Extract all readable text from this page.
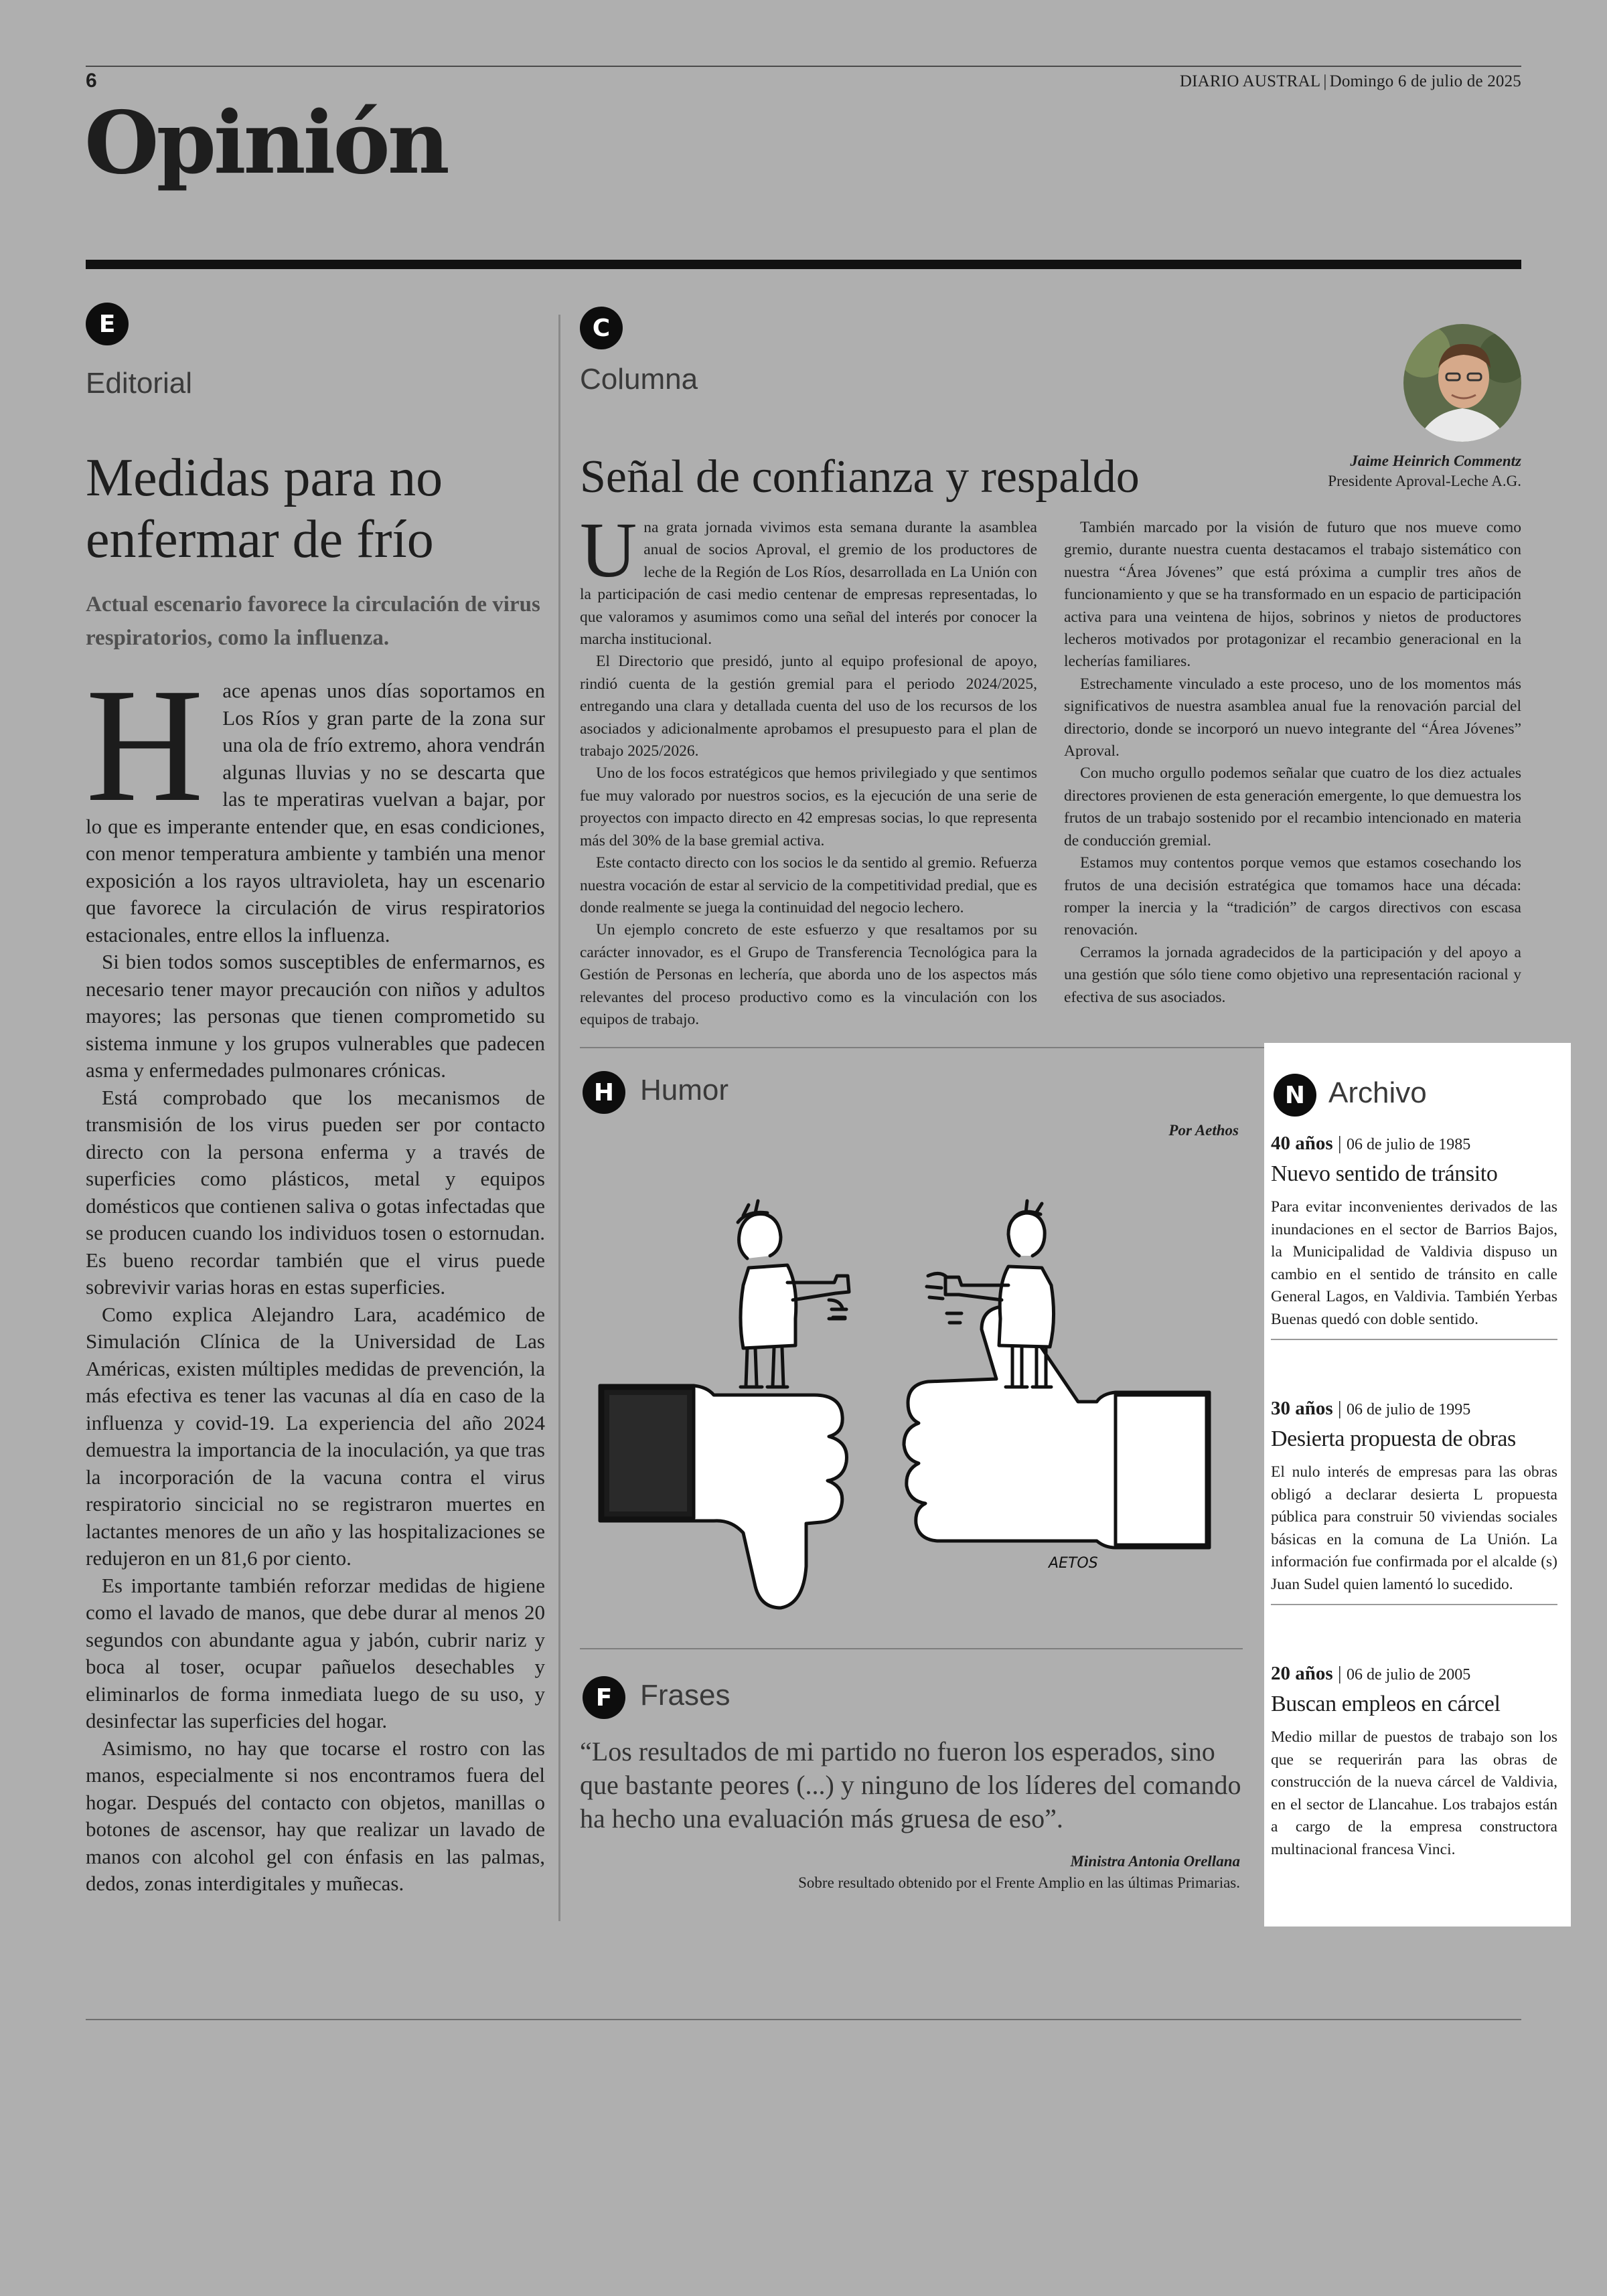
6	DIARIO AUSTRAL | Domingo 6 de julio de 2025
Opinión
E
Editorial
Medidas para no
enfermar de frío
Actual escenario favorece la circulación de virus respiratorios, como la influenza.
H ace apenas unos días soportamos en Los Ríos y gran parte de la zona sur una ola de frío extremo, ahora vendrán algunas lluvias y no se descarta que las te mperatiras vuelvan a bajar, por lo que es imperante entender que, en esas condiciones, con menor temperatura ambiente y también una menor exposición a los rayos ultravioleta, hay un escenario que favorece la circulación de virus respiratorios estacionales, entre ellos la influenza.

Si bien todos somos susceptibles de enfermarnos, es necesario tener mayor precaución con niños y adultos mayores; las personas que tienen comprometido su sistema inmune y los grupos vulnerables que padecen asma y enfermedades pulmonares crónicas.

Está comprobado que los mecanismos de transmisión de los virus pueden ser por contacto directo con la persona enferma y a través de superficies como plásticos, metal y equipos domésticos que contienen saliva o gotas infectadas que se producen cuando los individuos tosen o estornudan. Es bueno recordar también que el virus puede sobrevivir varias horas en estas superficies.

Como explica Alejandro Lara, académico de Simulación Clínica de la Universidad de Las Américas, existen múltiples medidas de prevención, la más efectiva es tener las vacunas al día en caso de la influenza y covid-19. La experiencia del año 2024 demuestra la importancia de la inoculación, ya que tras la incorporación de la vacuna contra el virus respiratorio sincicial no se registraron muertes en lactantes menores de un año y las hospitalizaciones se redujeron en un 81,6 por ciento.

Es importante también reforzar medidas de higiene como el lavado de manos, que debe durar al menos 20 segundos con abundante agua y jabón, cubrir nariz y boca al toser, ocupar pañuelos desechables y eliminarlos de forma inmediata luego de su uso, y desinfectar las superficies del hogar.

Asimismo, no hay que tocarse el rostro con las manos, especialmente si nos encontramos fuera del hogar. Después del contacto con objetos, manillas o botones de ascensor, hay que realizar un lavado de manos con alcohol gel con énfasis en las palmas, dedos, zonas interdigitales y muñecas.

C
Columna
Señal de confianza y respaldo	Jaime Heinrich Commentz
Presidente Aproval-Leche A.G.
U na grata jornada vivimos esta semana durante la asamblea anual de socios Aproval, el gremio de los productores de leche de la Región de Los Ríos, desarrollada en La Unión con la participación de casi medio centenar de empresas representadas, lo que valoramos y asumimos como una señal del interés por conocer la marcha institucional.

El Directorio que presidó, junto al equipo profesional de apoyo, rindió cuenta de la gestión gremial para el periodo 2024/2025, entregando una clara y detallada cuenta del uso de los recursos de los asociados y adicionalmente aprobamos el presupuesto para el plan de trabajo 2025/2026.

Uno de los focos estratégicos que hemos privilegiado y que sentimos fue muy valorado por nuestros socios, es la ejecución de una serie de proyectos con impacto directo en 42 empresas socias, lo que representa más del 30% de la base gremial activa.

Este contacto directo con los socios le da sentido al gremio. Refuerza nuestra vocación de estar al servicio de la competitividad predial, que es donde realmente se juega la continuidad del negocio lechero.

Un ejemplo concreto de este esfuerzo y que resaltamos por su carácter innovador, es el Grupo de Transferencia Tecnológica para la Gestión de Personas en lechería, que aborda uno de los aspectos más relevantes del proceso productivo como es la vinculación con los equipos de trabajo.

También marcado por la visión de futuro que nos mueve como gremio, durante nuestra cuenta destacamos el trabajo sistemático con nuestra “Área Jóvenes” que está próxima a cumplir tres años de funcionamiento y que se ha transformado en un espacio de participación activa para una veintena de hijos, sobrinos y nietos de productores lecheros motivados por protagonizar el recambio generacional en la lecherías familiares.

Estrechamente vinculado a este proceso, uno de los momentos más significativos de nuestra asamblea anual fue la renovación parcial del directorio, donde se incorporó un nuevo integrante del “Área Jóvenes” Aproval.

Con mucho orgullo podemos señalar que cuatro de los diez actuales directores provienen de esta generación emergente, lo que demuestra los frutos de un trabajo sostenido por el recambio intencionado en materia de conducción gremial.

Estamos muy contentos porque vemos que estamos cosechando los frutos de una decisión estratégica que tomamos hace una década: romper la inercia y la “tradición” de cargos directivos con escasa renovación.

Cerramos la jornada agradecidos de la participación y del apoyo a una gestión que sólo tiene como objetivo una representación racional y efectiva de sus asociados.

H Humor
Por Aethos
AETOS
F Frases
“Los resultados de mi partido no fueron los esperados, sino que bastante peores (...) y ninguno de los líderes del comando ha hecho una evaluación más gruesa de eso”.
Ministra Antonia Orellana
Sobre resultado obtenido por el Frente Amplio en las últimas Primarias.
N Archivo
40 años | 06 de julio de 1985
Nuevo sentido de tránsito
Para evitar inconvenientes derivados de las inundaciones en el sector de Barrios Bajos, la Municipalidad de Valdivia dispuso un cambio en el sentido de tránsito en calle General Lagos, en Valdivia. También Yerbas Buenas quedó con doble sentido.
30 años | 06 de julio de 1995
Desierta propuesta de obras
El nulo interés de empresas para las obras obligó a declarar desierta L propuesta pública para construir 50 viviendas sociales básicas en la comuna de La Unión. La información fue confirmada por el alcalde (s) Juan Sudel quien lamentó lo sucedido.
20 años | 06 de julio de 2005
Buscan empleos en cárcel
Medio millar de puestos de trabajo son los que se requerirán para las obras de construcción de la nueva cárcel de Valdivia, en el sector de Llancahue. Los trabajos están a cargo de la empresa constructora multinacional francesa Vinci.
